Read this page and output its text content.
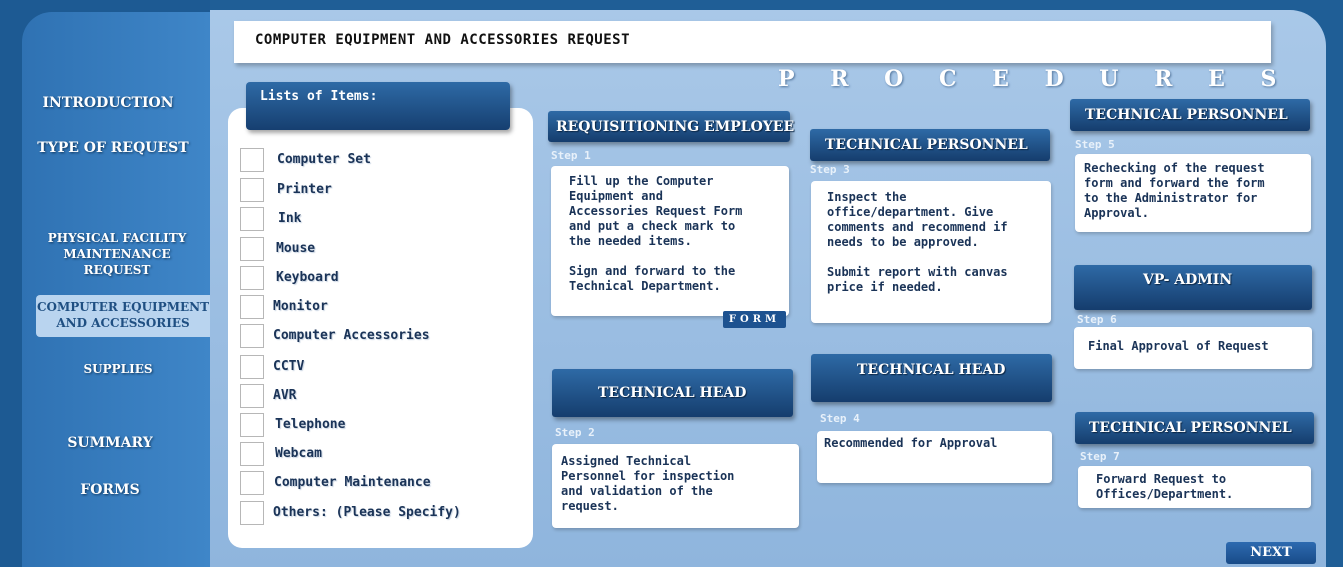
INTRODUCTION
TYPE OF REQUEST
PHYSICAL FACILITY MAINTENANCE REQUEST
COMPUTER EQUIPMENT AND ACCESSORIES
SUPPLIES
SUMMARY
FORMS
COMPUTER EQUIPMENT AND ACCESSORIES REQUEST
P R O C E D U R E S
Lists of Items:
Computer Set
Printer
Ink
Mouse
Keyboard
Monitor
Computer Accessories
CCTV
AVR
Telephone
Webcam
Computer Maintenance
Others: (Please Specify)
REQUISITIONING EMPLOYEE
Step 1
Fill up the Computer
Equipment and
Accessories Request Form
and put a check mark to
the needed items.

Sign and forward to the
Technical Department.
FORM
TECHNICAL HEAD
Step 2
Assigned Technical
Personnel for inspection
and validation of the
request.
TECHNICAL PERSONNEL
Step 3
Inspect the
office/department. Give
comments and recommend if
needs to be approved.

Submit report with canvas
price if needed.
TECHNICAL HEAD
Step 4
Recommended for Approval
TECHNICAL PERSONNEL
Step 5
Rechecking of the request
form and forward the form
to the Administrator for
Approval.
VP- ADMIN
Step 6
Final Approval of Request
TECHNICAL PERSONNEL
Step 7
Forward Request to
Offices/Department.
NEXT
